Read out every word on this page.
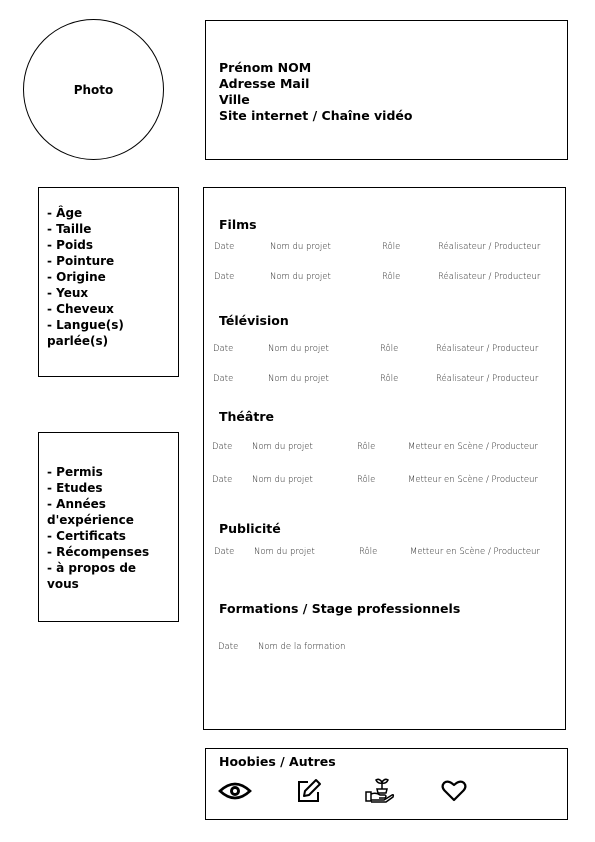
Photo
Prénom NOM
Adresse Mail
Ville
Site internet / Chaîne vidéo
- Âge
- Taille
- Poids
- Pointure
- Origine
- Yeux
- Cheveux
- Langue(s) parlée(s)
- Permis
- Etudes
- Années d'expérience
- Certificats
- Récompenses
- à propos de vous
Films
Date	Nom du projet	Rôle	Réalisateur / Producteur
Date	Nom du projet	Rôle	Réalisateur / Producteur
Télévision
Date	Nom du projet	Rôle	Réalisateur / Producteur
Date	Nom du projet	Rôle	Réalisateur / Producteur
Théâtre
Date Nom du projet	Rôle	Metteur en Scène / Producteur
Date Nom du projet	Rôle	Metteur en Scène / Producteur
Publicité
Date Nom du projet	Rôle	Metteur en Scène / Producteur
Formations / Stage professionnels
Date Nom de la formation
Hoobies / Autres
